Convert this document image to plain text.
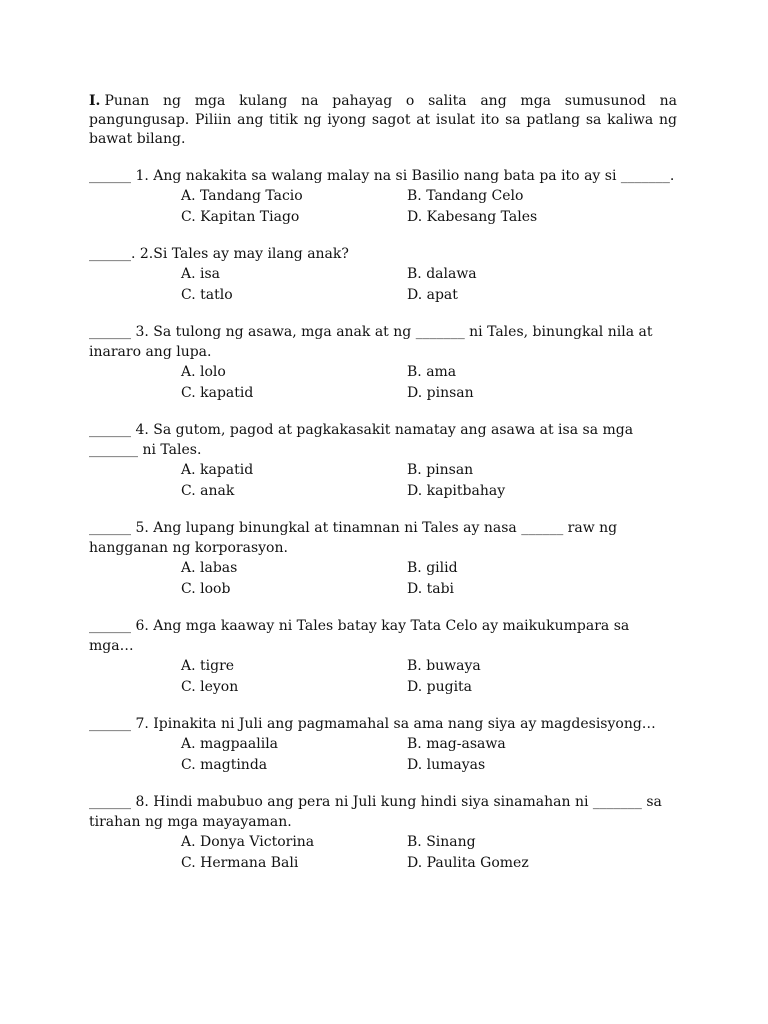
I. Punan ng mga kulang na pahayag o salita ang mga sumusunod na pangungusap. Piliin ang titik ng iyong sagot at isulat ito sa patlang sa kaliwa ng bawat bilang.

______ 1. Ang nakakita sa walang malay na si Basilio nang bata pa ito ay si _______.

A. Tandang Tacio	B. Tandang Celo
C. Kapitan Tiago	D. Kabesang Tales

______. 2.Si Tales ay may ilang anak?

A. isa	B. dalawa
C. tatlo	D. apat

______ 3. Sa tulong ng asawa, mga anak at ng _______ ni Tales, binungkal nila at inararo ang lupa.

A. lolo	B. ama
C. kapatid	D. pinsan

______ 4. Sa gutom, pagod at pagkakasakit namatay ang asawa at isa sa mga _______ ni Tales.

A. kapatid	B. pinsan
C. anak	D. kapitbahay

______ 5. Ang lupang binungkal at tinamnan ni Tales ay nasa ______ raw ng hangganan ng korporasyon.

A. labas	B. gilid
C. loob	D. tabi

______ 6. Ang mga kaaway ni Tales batay kay Tata Celo ay maikukumpara sa mga…

A. tigre	B. buwaya
C. leyon	D. pugita

______ 7. Ipinakita ni Juli ang pagmamahal sa ama nang siya ay magdesisyong…

A. magpaalila	B. mag-asawa
C. magtinda	D. lumayas

______ 8. Hindi mabubuo ang pera ni Juli kung hindi siya sinamahan ni _______ sa tirahan ng mga mayayaman.

A. Donya Victorina	B. Sinang
C. Hermana Bali	D. Paulita Gomez
